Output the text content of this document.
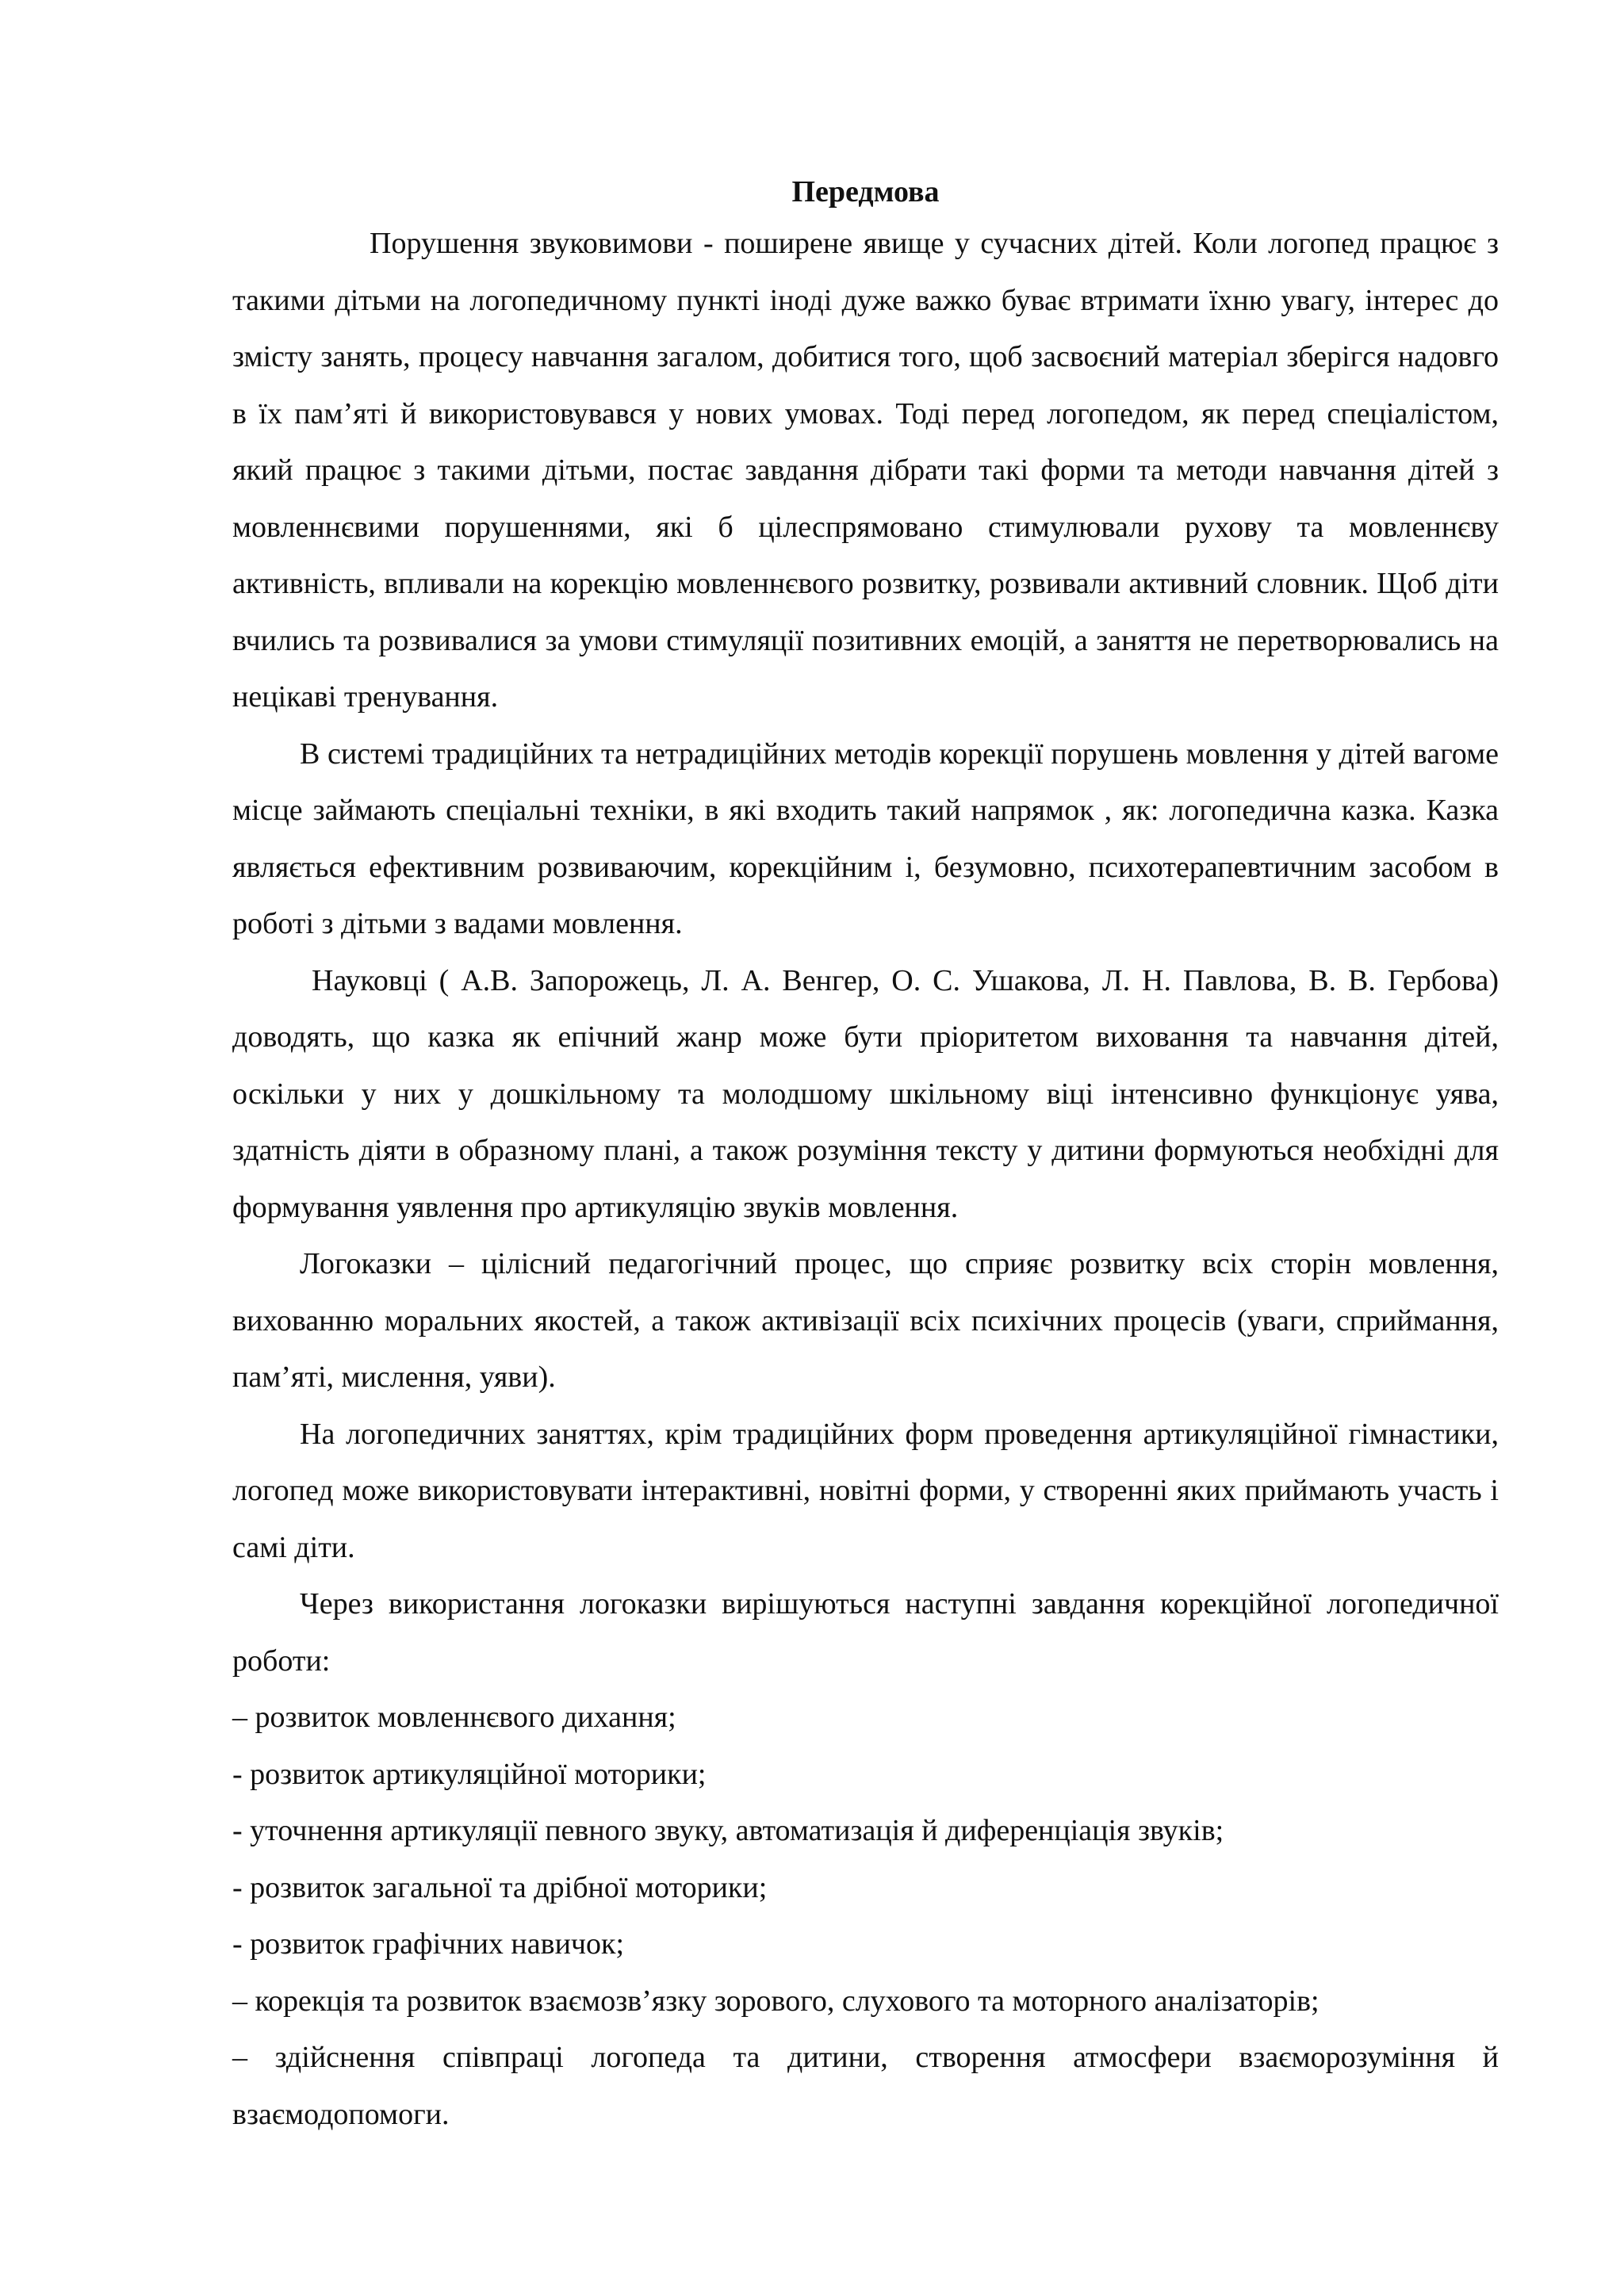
Передмова

Порушення звуковимови - поширене явище у сучасних дітей. Коли логопед працює з такими дітьми на логопедичному пункті іноді дуже важко буває втримати їхню увагу, інтерес до змісту занять, процесу навчання загалом, добитися того, щоб засвоєний матеріал зберігся надовго в їх пам’яті й використовувався у нових умовах. Тоді перед логопедом, як перед спеціалістом, який працює з такими дітьми, постає завдання дібрати такі форми та методи навчання дітей з мовленнєвими порушеннями, які б цілеспрямовано стимулювали рухову та мовленнєву активність, впливали на корекцію мовленнєвого розвитку, розвивали активний словник. Щоб діти вчились та розвивалися за умови стимуляції позитивних емоцій, а заняття не перетворювались на нецікаві тренування.

В системі традиційних та нетрадиційних методів корекції порушень мовлення у дітей вагоме місце займають спеціальні техніки, в які входить такий напрямок , як: логопедична казка. Казка являється ефективним розвиваючим, корекційним і, безумовно, психотерапевтичним засобом в роботі з дітьми з вадами мовлення.

Науковці ( А.В. Запорожець, Л. А. Венгер, О. С. Ушакова, Л. Н. Павлова, В. В. Гербова) доводять, що казка як епічний жанр може бути пріоритетом виховання та навчання дітей, оскільки у них у дошкільному та молодшому шкільному віці інтенсивно функціонує уява, здатність діяти в образному плані, а також розуміння тексту у дитини формуються необхідні для формування уявлення про артикуляцію звуків мовлення.

Логоказки – цілісний педагогічний процес, що сприяє розвитку всіх сторін мовлення, вихованню моральних якостей, а також активізації всіх психічних процесів (уваги, сприймання, пам’яті, мислення, уяви).

На логопедичних заняттях, крім традиційних форм проведення артикуляційної гімнастики, логопед може використовувати інтерактивні, новітні форми, у створенні яких приймають участь і самі діти.

Через використання логоказки вирішуються наступні завдання корекційної логопедичної роботи:

– розвиток мовленнєвого дихання;

- розвиток артикуляційної моторики;

- уточнення артикуляції певного звуку, автоматизація й диференціація звуків;

- розвиток загальної та дрібної моторики;

- розвиток графічних навичок;

– корекція та розвиток взаємозв’язку зорового, слухового та моторного аналізаторів;

– здійснення співпраці логопеда та дитини, створення атмосфери взаєморозуміння й взаємодопомоги.
